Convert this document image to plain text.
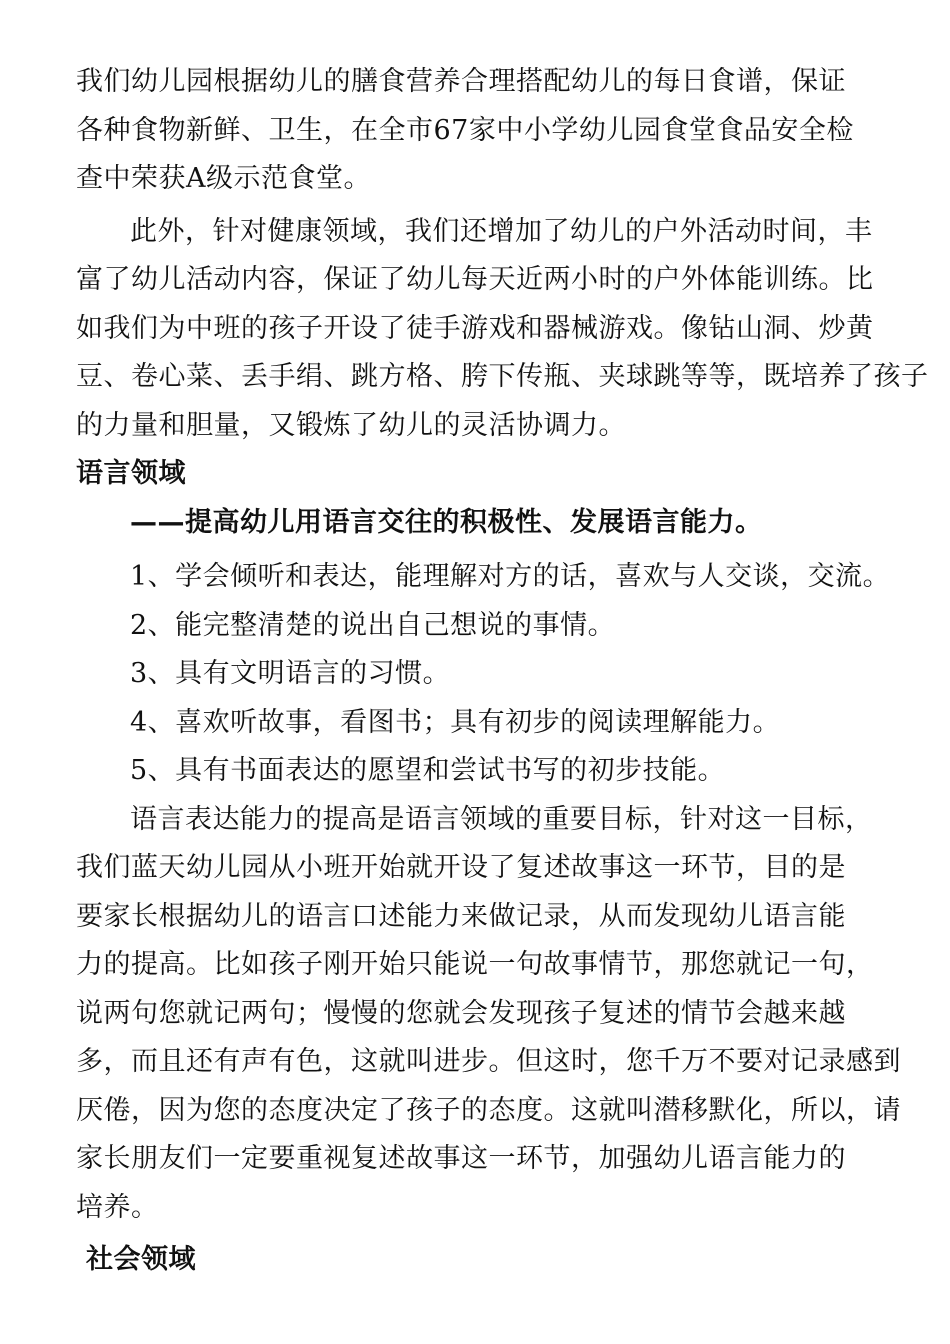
我们幼儿园根据幼儿的膳食营养合理搭配幼儿的每日食谱，保证
各种食物新鲜、卫生，在全市67家中小学幼儿园食堂食品安全检
查中荣获A级示范食堂。
此外，针对健康领域，我们还增加了幼儿的户外活动时间，丰
富了幼儿活动内容，保证了幼儿每天近两小时的户外体能训练。比
如我们为中班的孩子开设了徒手游戏和器械游戏。像钻山洞、炒黄
豆、卷心菜、丢手绢、跳方格、胯下传瓶、夹球跳等等，既培养了孩子
的力量和胆量，又锻炼了幼儿的灵活协调力。
语言领域
——提高幼儿用语言交往的积极性、发展语言能力。
1、学会倾听和表达，能理解对方的话，喜欢与人交谈，交流。
2、能完整清楚的说出自己想说的事情。
3、具有文明语言的习惯。
4、喜欢听故事，看图书；具有初步的阅读理解能力。
5、具有书面表达的愿望和尝试书写的初步技能。
语言表达能力的提高是语言领域的重要目标，针对这一目标，
我们蓝天幼儿园从小班开始就开设了复述故事这一环节，目的是
要家长根据幼儿的语言口述能力来做记录，从而发现幼儿语言能
力的提高。比如孩子刚开始只能说一句故事情节，那您就记一句，
说两句您就记两句；慢慢的您就会发现孩子复述的情节会越来越
多，而且还有声有色，这就叫进步。但这时，您千万不要对记录感到
厌倦，因为您的态度决定了孩子的态度。这就叫潜移默化，所以，请
家长朋友们一定要重视复述故事这一环节，加强幼儿语言能力的
培养。
社会领域
